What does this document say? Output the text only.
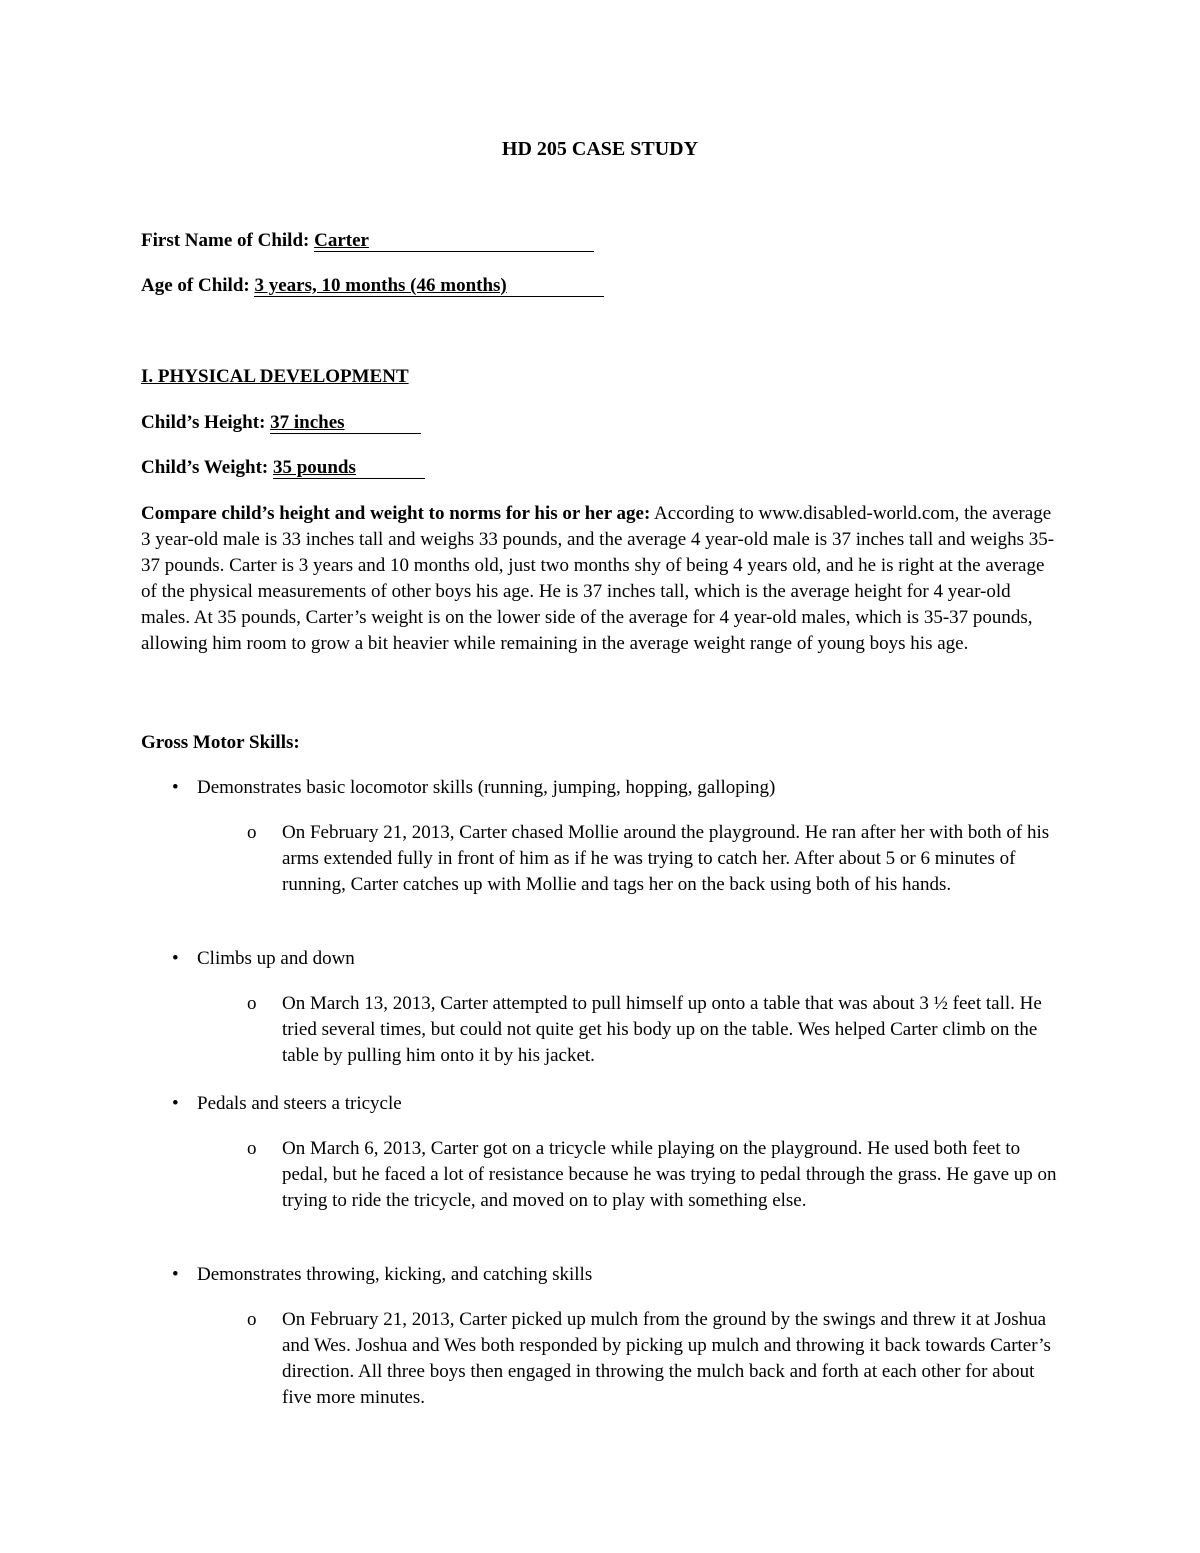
HD 205 CASE STUDY
First Name of Child: Carter
Age of Child: 3 years, 10 months (46 months)
I. PHYSICAL DEVELOPMENT
Child’s Height: 37 inches
Child’s Weight: 35 pounds
Compare child’s height and weight to norms for his or her age: According to www.disabled-world.com, the average 3 year-old male is 33 inches tall and weighs 33 pounds, and the average 4 year-old male is 37 inches tall and weighs 35-37 pounds. Carter is 3 years and 10 months old, just two months shy of being 4 years old, and he is right at the average of the physical measurements of other boys his age. He is 37 inches tall, which is the average height for 4 year-old males. At 35 pounds, Carter’s weight is on the lower side of the average for 4 year-old males, which is 35-37 pounds, allowing him room to grow a bit heavier while remaining in the average weight range of young boys his age.
Gross Motor Skills:
• Demonstrates basic locomotor skills (running, jumping, hopping, galloping)
o	On February 21, 2013, Carter chased Mollie around the playground. He ran after her with both of his arms extended fully in front of him as if he was trying to catch her. After about 5 or 6 minutes of running, Carter catches up with Mollie and tags her on the back using both of his hands.
• Climbs up and down
o	On March 13, 2013, Carter attempted to pull himself up onto a table that was about 3 ½ feet tall. He tried several times, but could not quite get his body up on the table. Wes helped Carter climb on the table by pulling him onto it by his jacket.
• Pedals and steers a tricycle
o	On March 6, 2013, Carter got on a tricycle while playing on the playground. He used both feet to pedal, but he faced a lot of resistance because he was trying to pedal through the grass. He gave up on trying to ride the tricycle, and moved on to play with something else.
• Demonstrates throwing, kicking, and catching skills
o	On February 21, 2013, Carter picked up mulch from the ground by the swings and threw it at Joshua and Wes. Joshua and Wes both responded by picking up mulch and throwing it back towards Carter’s direction. All three boys then engaged in throwing the mulch back and forth at each other for about five more minutes.
